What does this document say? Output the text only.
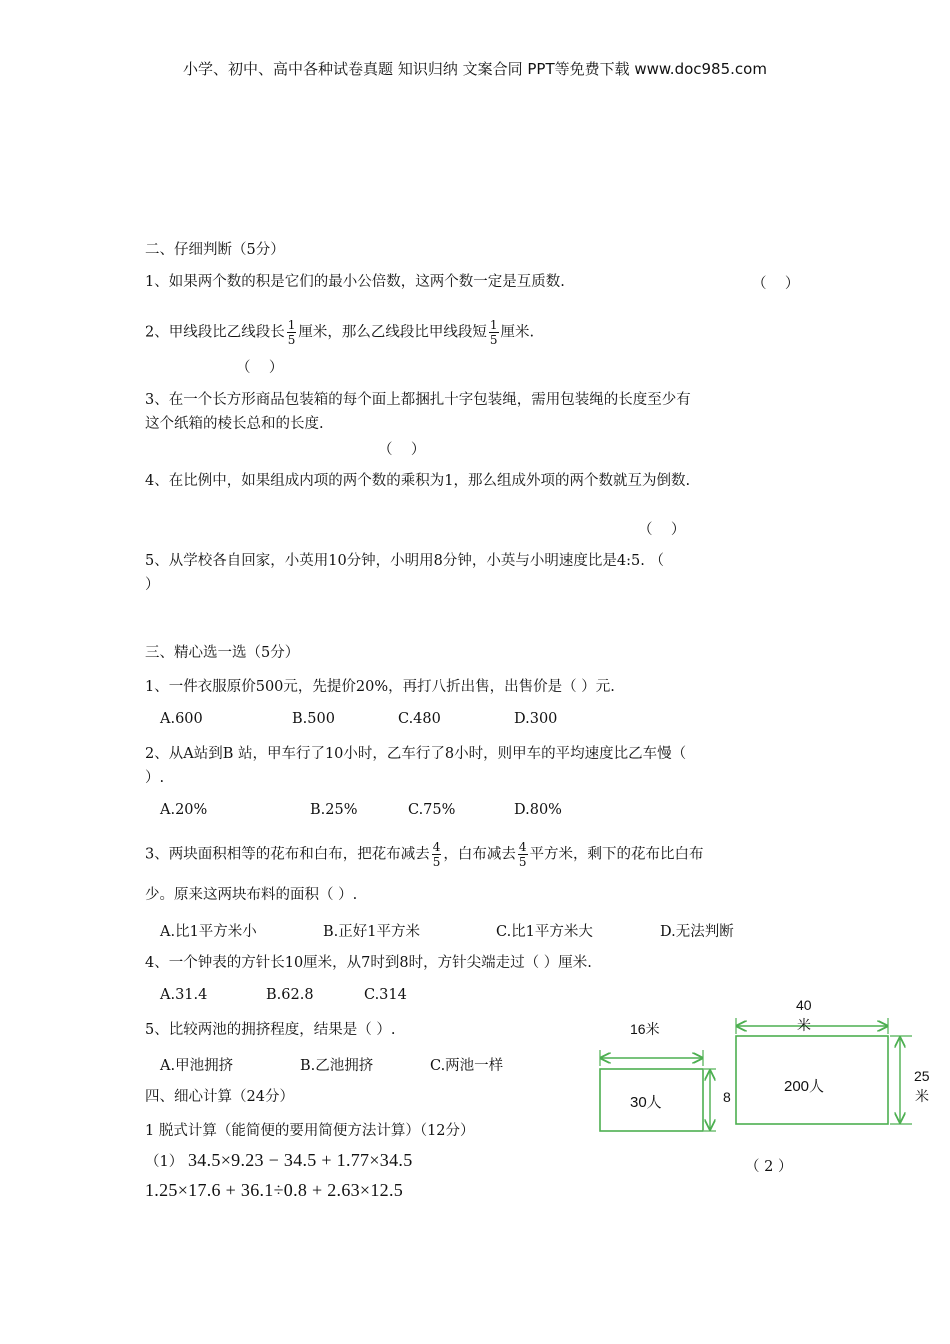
小学、初中、高中各种试卷真题 知识归纳 文案合同 PPT等免费下载 www.doc985.com
二、仔细判断（5分）
1、如果两个数的积是它们的最小公倍数，这两个数一定是互质数.	（    ）
2、甲线段比乙线段长 $\frac{1}{5}$ 厘米，那么乙线段比甲线段短 $\frac{1}{5}$ 厘米.
（    ）
3、在一个长方形商品包装箱的每个面上都捆扎十字包装绳，需用包装绳的长度至少有
这个纸箱的棱长总和的长度.
（    ）
4、在比例中，如果组成内项的两个数的乘积为1，那么组成外项的两个数就互为倒数.
（    ）
5、从学校各自回家，小英用10分钟，小明用8分钟，小英与小明速度比是4:5. （
）
三、精心选一选（5分）
1、一件衣服原价500元，先提价20%，再打八折出售，出售价是（ ）元.
A.600	B.500	C.480	D.300
2、从A站到B 站，甲车行了10小时，乙车行了8小时，则甲车的平均速度比乙车慢（
）.
A.20%	B.25%	C.75%	D.80%
3、两块面积相等的花布和白布，把花布减去 $\frac{4}{5}$ ，白布减去 $\frac{4}{5}$ 平方米，剩下的花布比白布
少。原来这两块布料的面积（ ）.
A.比1平方米小	B.正好1平方米	C.比1平方米大	D.无法判断
4、一个钟表的方针长10厘米，从7时到8时，方针尖端走过（ ）厘米.
A.31.4	B.62.8	C.314
5、比较两池的拥挤程度，结果是（ ）.
A.甲池拥挤	B.乙池拥挤	C.两池一样
四、细心计算（24分）
1 脱式计算（能简便的要用简便方法计算）（12分）
（1） 34.5×9.23 − 34.5 + 1.77×34.5
1.25×17.6 + 36.1÷0.8 + 2.63×12.5
16米
8
30人
40
米
200人
25
米
（ 2 ）
